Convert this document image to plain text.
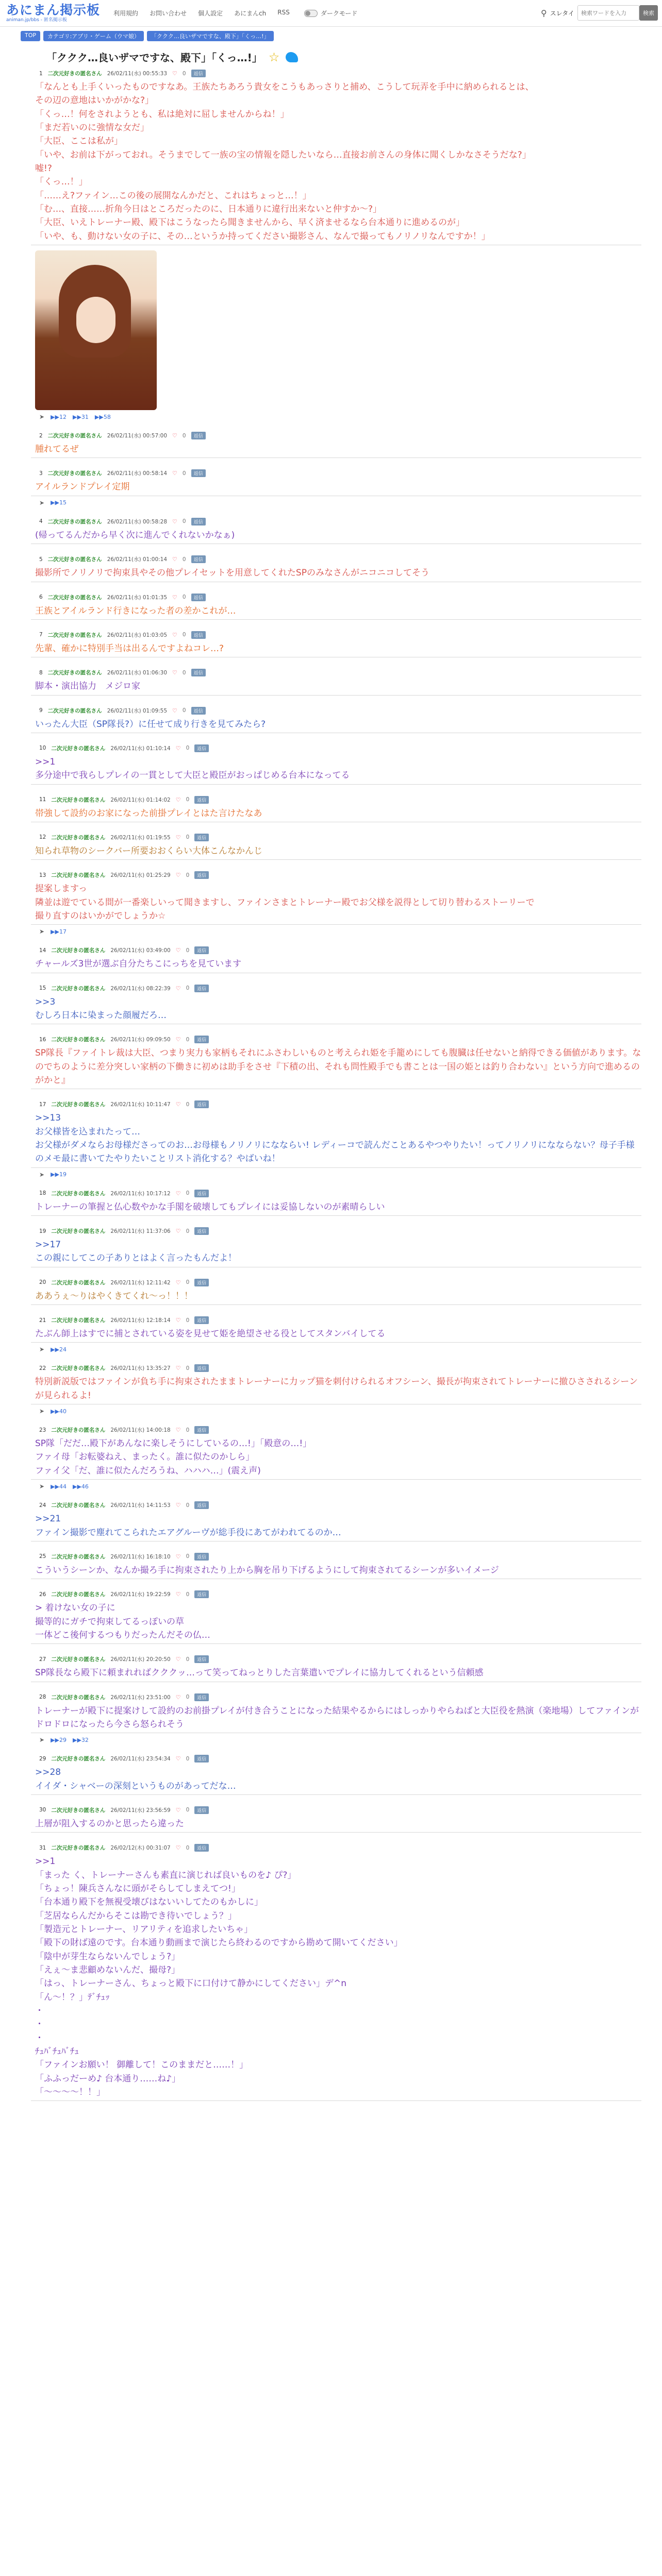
あにまん掲示板
animan.jp/bbs - 匿名掲示板
利用規約 お問い合わせ 個人設定 あにまんch RSS	ダークモード	⚲ スレタイ
検索ワードを入力	検索
TOP	カテゴリ:アプリ・ゲーム（ウマ娘）	「ククク…良いザマですな、殿下」「くっ…!」
「ククク…良いザマですな、殿下」「くっ…!」 ☆
1 二次元好きの匿名さん 26/02/11(水) 00:55:33 ♡ 0	返信
「なんとも上手くいったものですなあ。王族たちあろう貴女をこうもあっさりと捕め、こうして玩弄を手中に納められるとは、
その辺の意地はいかがかな?」
「くっ…！何をされようとも、私は絶対に屈しませんからね！」
「まだ若いのに強情な女だ」
「大臣、ここは私が」
「いや、お前は下がっておれ。そうまでして一族の宝の情報を隠したいなら…直接お前さんの身体に聞くしかなさそうだな?」
嘘!?
「くっ…！」
「……え?ファイン…この後の展開なんかだと、これはちょっと…！」
「む…、直接……折角今日はところだったのに、日本通りに違行出来ないと仲すか～?」
「大臣、いえトレーナー殿、殿下はこうなったら聞きませんから、早く済ませるなら台本通りに進めるのが」
「いや、も、動けない女の子に、その…というか持ってください撮影さん、なんで撮ってもノリノリなんですか！」
➤ ▶▶12 ▶▶31 ▶▶58
2 二次元好きの匿名さん 26/02/11(水) 00:57:00 ♡ 0	返信
腫れてるぜ
3 二次元好きの匿名さん 26/02/11(水) 00:58:14 ♡ 0	返信
アイルランドプレイ定期
➤ ▶▶15
4 二次元好きの匿名さん 26/02/11(水) 00:58:28 ♡ 0	返信
(帰ってるんだから早く次に進んでくれないかなぁ)
5 二次元好きの匿名さん 26/02/11(水) 01:00:14 ♡ 0	返信
撮影所でノリノリで拘束具やその他プレイセットを用意してくれたSPのみなさんがニコニコしてそう
6 二次元好きの匿名さん 26/02/11(水) 01:01:35 ♡ 0	返信
王族とアイルランド行きになった者の差かこれが…
7 二次元好きの匿名さん 26/02/11(水) 01:03:05 ♡ 0	返信
先輩、確かに特別手当は出るんですよねコレ…?
8 二次元好きの匿名さん 26/02/11(水) 01:06:30 ♡ 0	返信
脚本・演出協力　メジロ家
9 二次元好きの匿名さん 26/02/11(水) 01:09:55 ♡ 0	返信
いったん大臣（SP隊長?）に任せて成り行きを見てみたら?
10 二次元好きの匿名さん 26/02/11(水) 01:10:14 ♡ 0	返信
>>1
多分途中で我らしプレイの一貫として大臣と殿臣がおっぱじめる台本になってる
11 二次元好きの匿名さん 26/02/11(水) 01:14:02 ♡ 0	返信
帯強して設約のお家になった前掛プレイとはた言けたなあ
12 二次元好きの匿名さん 26/02/11(水) 01:19:55 ♡ 0	返信
知られ草物のシークバー所要おおくらい大体こんなかんじ
13 二次元好きの匿名さん 26/02/11(水) 01:25:29 ♡ 0	返信
提案しますっ
隣並は遊でている間が一番楽しいって聞きますし、ファインさまとトレーナー殿でお父様を説得として切り替わるストーリーで
撮り直すのはいかがでしょうか☆
➤ ▶▶17
14 二次元好きの匿名さん 26/02/11(水) 03:49:00 ♡ 0	返信
チャールズ3世が選ぶ自分たちこにっちを見ています
15 二次元好きの匿名さん 26/02/11(水) 08:22:39 ♡ 0	返信
>>3
むしろ日本に染まった顔履だろ…
16 二次元好きの匿名さん 26/02/11(水) 09:09:50 ♡ 0	返信
SP隊長『ファイトレ裁は大臣、つまり実力も家柄もそれにふさわしいものと考えられ姫を手籠めにしても腹臓は任せないと納得できる価値があります。なのでちのように差分突しい家柄の下働きに初めは助手をさせ『下積の出、それも問性殿手でも書ことは一国の姫とは釣り合わない』という方向で進めるのがかと』
17 二次元好きの匿名さん 26/02/11(水) 10:11:47 ♡ 0	返信
>>13
お父様皆を込まれたって…
お父様がダメならお母様ださってのお…お母様もノリノリになならい! レディーコで読んだことあるやつやりたい！ってノリノリになならない？母子手様のメモ最に書いてたやりたいことリスト消化する？やばいね！
➤ ▶▶19
18 二次元好きの匿名さん 26/02/11(水) 10:17:12 ♡ 0	返信
トレーナーの筆握と仏心数やかな手閣を破壊してもプレイには妥協しないのが素晴らしい
19 二次元好きの匿名さん 26/02/11(水) 11:37:06 ♡ 0	返信
>>17
この親にしてこの子ありとはよく言ったもんだよ！
20 二次元好きの匿名さん 26/02/11(水) 12:11:42 ♡ 0	返信
ああうぇ～りはやくきてくれ～っ！！！
21 二次元好きの匿名さん 26/02/11(水) 12:18:14 ♡ 0	返信
たぶん師上はすでに捕とされている姿を見せて姫を絶望させる役としてスタンバイしてる
➤ ▶▶24
22 二次元好きの匿名さん 26/02/11(水) 13:35:27 ♡ 0	返信
特別新説版ではファインが負ち手に拘束されたままトレーナーに力ップ猫を刺付けられるオフシーン、撮長が拘束されてトレーナーに撤ひさされるシーンが見られるよ!
➤ ▶▶40
23 二次元好きの匿名さん 26/02/11(水) 14:00:18 ♡ 0	返信
SP隊「だだ…殿下があんなに楽しそうにしているの…!」「殿意の…!」
ファイ母「お転婆ねえ、まったく。誰に似たのかしら」
ファイ父「だ、誰に似たんだろうね、ハハハ…」(震え声)
➤ ▶▶44 ▶▶46
24 二次元好きの匿名さん 26/02/11(水) 14:11:53 ♡ 0	返信
>>21
ファイン撮影で塵れてこられたエアグルーヴが総手役にあてがわれてるのか…
25 二次元好きの匿名さん 26/02/11(水) 16:18:10 ♡ 0	返信
こういうシーンか、なんか撮ろ手に拘束されたり上から胸を吊り下げるようにして拘束されてるシーンが多いイメージ
26 二次元好きの匿名さん 26/02/11(水) 19:22:59 ♡ 0	返信
> 着けない女の子に
撮等的にガチで拘束してるっぽいの草
一体どこ後何するつもりだったんだその仏…
27 二次元好きの匿名さん 26/02/11(水) 20:20:50 ♡ 0	返信
SP隊長なら殿下に頼まれればクククッ…って笑ってねっとりした言葉遣いでプレイに協力してくれるという信頼感
28 二次元好きの匿名さん 26/02/11(水) 23:51:00 ♡ 0	返信
トレーナーが殿下に提案けして設約のお前掛プレイが付き合うことになった結果やるからにはしっかりやらねばと大臣役を熱演（楽地場）してファインがドロドロになったら今さら怒られそう
➤ ▶▶29 ▶▶32
29 二次元好きの匿名さん 26/02/11(水) 23:54:34 ♡ 0	返信
>>28
イイダ・シャベーの深刻というものがあってだな…
30 二次元好きの匿名さん 26/02/11(水) 23:56:59 ♡ 0	返信
上層が阻入するのかと思ったら違った
31 二次元好きの匿名さん 26/02/12(木) 00:31:07 ♡ 0	返信
>>1
「まった く、トレーナーさんも素直に演じれば良いものを♪ ぴ?」
「ちょっ！陳兵さんなに頭がそらしてしまえてつ!」
「台本通り殿下を無視受壊びはないいしてたのもかしに」
「芝居ならんだからそこは勘でき待いでしょう？」
「製造元とトレーナー、リアリティを追求したいちゃ」
「殿下の財ば遠のです。台本通り動画まで演じたら終わるのですから勘めて開いてください」
「陰中が芽生ならないんでしょう?」
「えぇ～ま悲顧めないんだ、撮母?」
「はっ、トレーナーさん、ちょっと殿下に口付けて静かにしてください」デ^n
「ん～！？」ﾃﾞﾁｭｯ
・
・
・
ﾁｭﾊﾞﾁｭﾊﾞﾁｭ
「ファインお願い！ 御離して！このままだと……！」
「ふふっだーめ♪ 台本通り……ね♪」
「～～～～！！」
